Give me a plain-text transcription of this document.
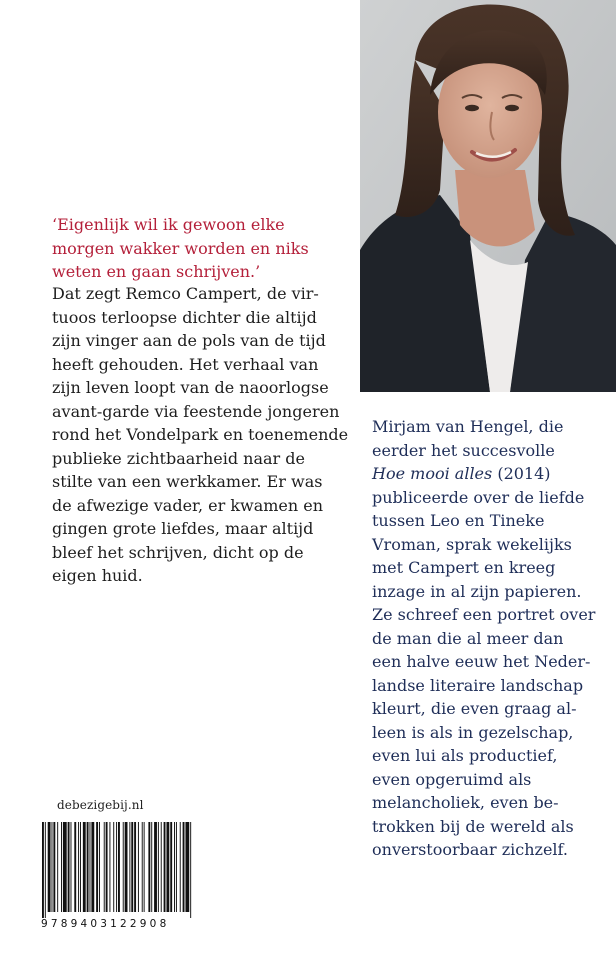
‘Eigenlijk wil ik gewoon elke
morgen wakker worden en niks
weten en gaan schrijven.’

Dat zegt Remco Campert, de vir-
tuoos terloopse dichter die altijd
zijn vinger aan de pols van de tijd
heeft gehouden. Het verhaal van
zijn leven loopt van de naoorlogse
avant-garde via feestende jongeren
rond het Vondelpark en toenemende
publieke zichtbaarheid naar de
stilte van een werkkamer. Er was
de afwezige vader, er kwamen en
gingen grote liefdes, maar altijd
bleef het schrijven, dicht op de
eigen huid.

Mirjam van Hengel, die
eerder het succesvolle
Hoe mooi alles (2014)
publiceerde over de liefde
tussen Leo en Tineke
Vroman, sprak wekelijks
met Campert en kreeg
inzage in al zijn papieren.
Ze schreef een portret over
de man die al meer dan
een halve eeuw het Neder-
landse literaire landschap
kleurt, die even graag al-
leen is als in gezelschap,
even lui als productief,
even opgeruimd als
melancholiek, even be-
trokken bij de wereld als
onverstoorbaar zichzelf.

debezigebij.nl
9789403122908
